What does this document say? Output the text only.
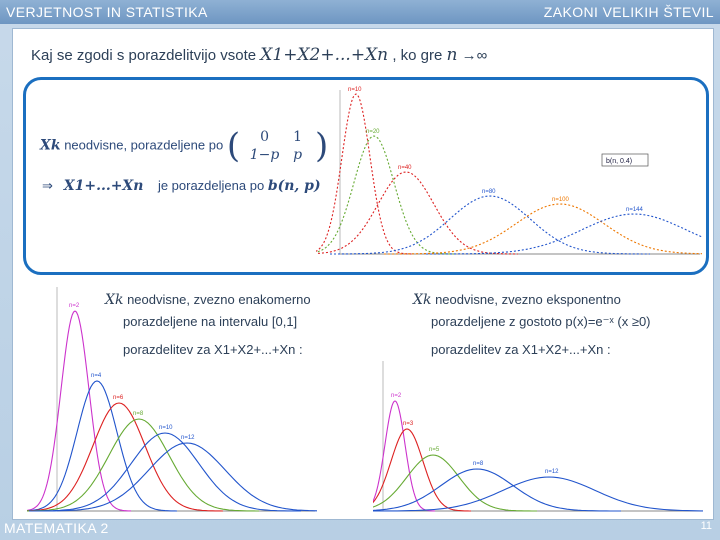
VERJETNOST IN STATISTIKA	ZAKONI VELIKIH ŠTEVIL
Kaj se zgodi s porazdelitvijo vsote X1+X2+...+Xn , ko gre n →∞
Xk neodvisne, porazdeljene po ( 0 1
1−p p )
⇒ X1+...+Xn je porazdeljena po b(n, p)
b(n, 0.4)
n=10
n=20
n=40
n=80
n=100
n=144
n=2
n=4
n=6
n=8
n=10
n=12
Xk neodvisne, zvezno enakomerno
porazdeljene na intervalu [0,1]

porazdelitev za X1+X2+...+Xn :
n=2
n=3
n=5
n=8
n=12
Xk neodvisne, zvezno eksponentno
porazdeljene z gostoto p(x)=e⁻ˣ (x ≥0)

porazdelitev za X1+X2+...+Xn :
MATEMATIKA 2	11
